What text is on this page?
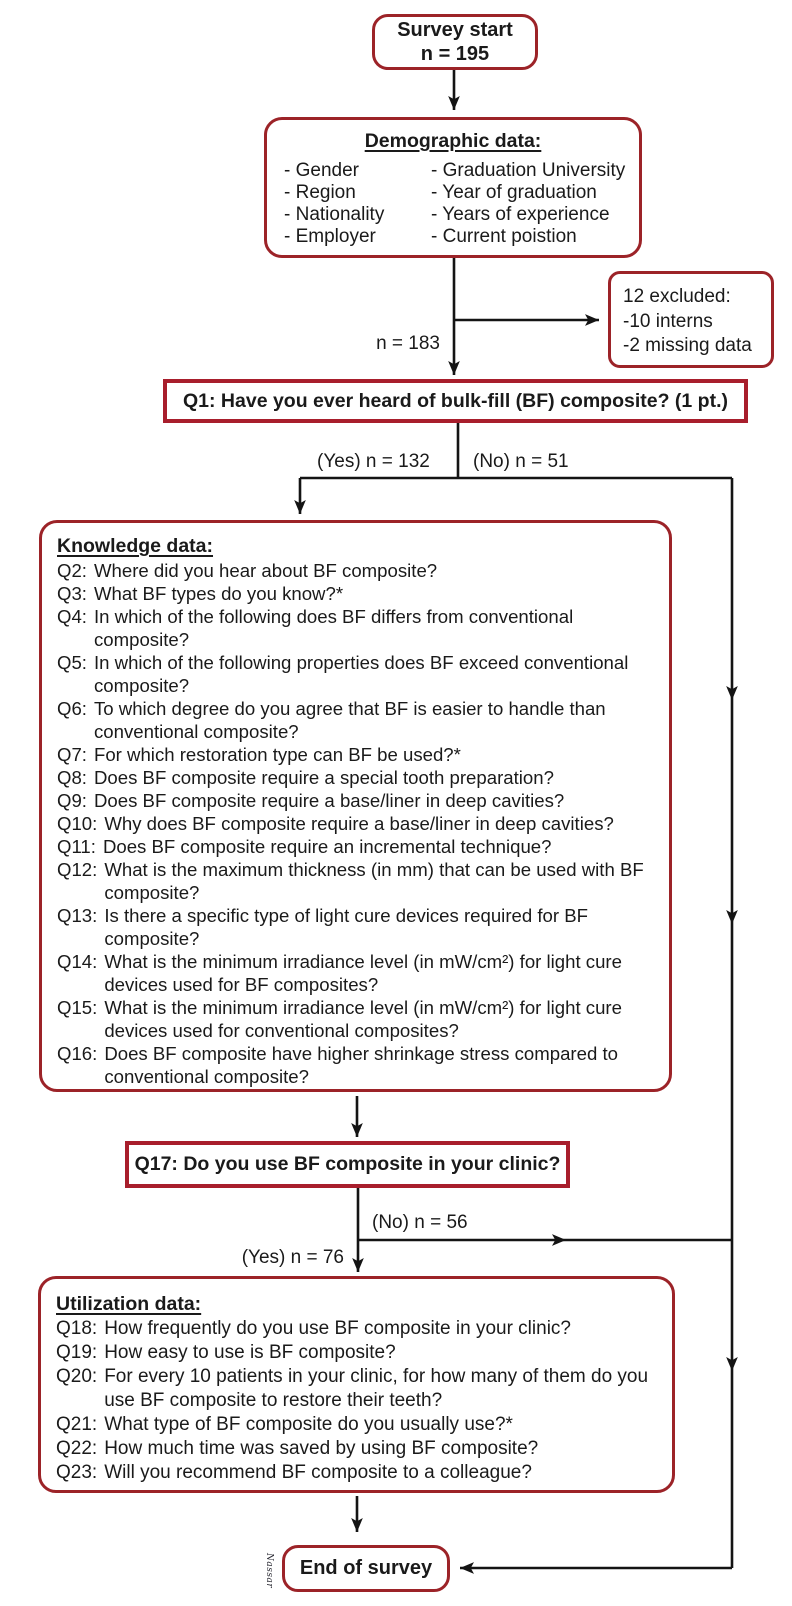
Survey start
n = 195
Demographic data:
- Gender
- Region
- Nationality
- Employer
- Graduation University
- Year of graduation
- Years of experience
- Current poistion
12 excluded:
-10 interns
-2 missing data
Q1: Have you ever heard of bulk-fill (BF) composite? (1 pt.)
Knowledge data:
Q2: Where did you hear about BF composite?
Q3: What BF types do you know?*
Q4: In which of the following does BF differs from conventional composite?
Q5: In which of the following properties does BF exceed conventional composite?
Q6: To which degree do you agree that BF is easier to handle than conventional composite?
Q7: For which restoration type can BF be used?*
Q8: Does BF composite require a special tooth preparation?
Q9: Does BF composite require a base/liner in deep cavities?
Q10: Why does BF composite require a base/liner in deep cavities?
Q11: Does BF composite require an incremental technique?
Q12: What is the maximum thickness (in mm) that can be used with BF composite?
Q13: Is there a specific type of light cure devices required for BF composite?
Q14: What is the minimum irradiance level (in mW/cm²) for light cure devices used for BF composites?
Q15: What is the minimum irradiance level (in mW/cm²) for light cure devices used for conventional composites?
Q16: Does BF composite have higher shrinkage stress compared to conventional composite?
Q17: Do you use BF composite in your clinic?
Utilization data:
Q18: How frequently do you use BF composite in your clinic?
Q19: How easy to use is BF composite?
Q20: For every 10 patients in your clinic, for how many of them do you use BF composite to restore their teeth?
Q21: What type of BF composite do you usually use?*
Q22: How much time was saved by using BF composite?
Q23: Will you recommend BF composite to a colleague?
End of survey
n = 183
(Yes) n = 132 (No) n = 51
(No) n = 56
(Yes) n = 76
Nassar
